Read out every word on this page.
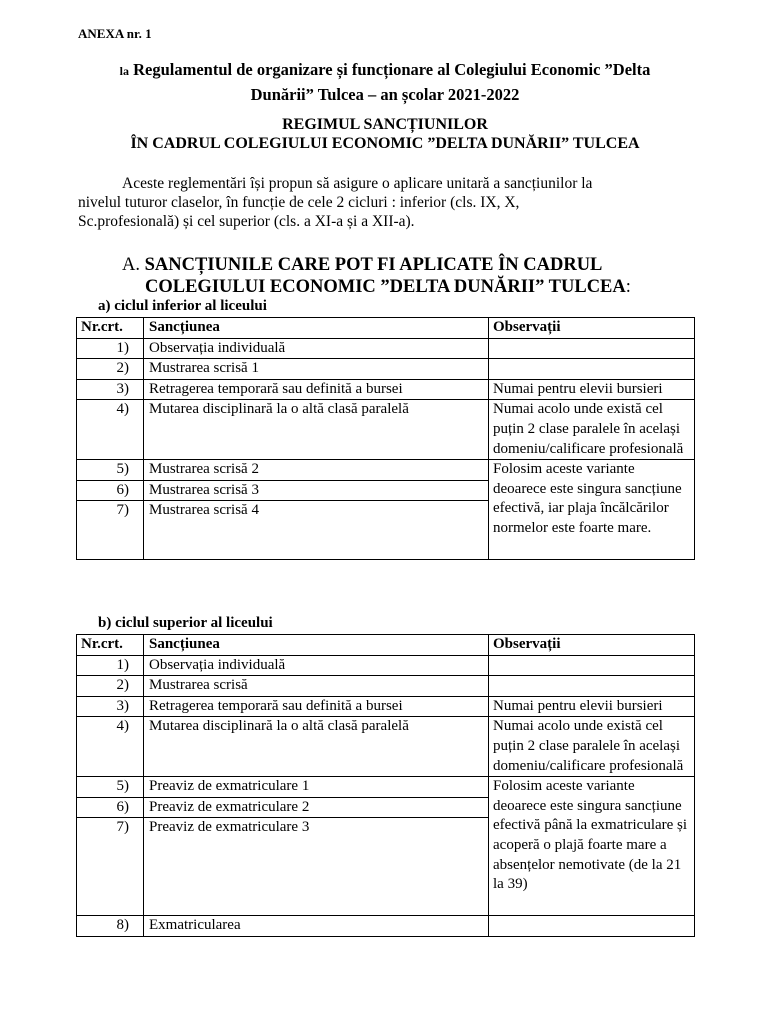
ANEXA nr. 1
la Regulamentul de organizare și funcționare al Colegiului Economic ”Delta
Dunării” Tulcea – an școlar 2021-2022
REGIMUL SANCȚIUNILOR
ÎN CADRUL COLEGIULUI ECONOMIC ”DELTA DUNĂRII” TULCEA
Aceste reglementări își propun să asigure o aplicare unitară a sancțiunilor la
nivelul tuturor claselor, în funcție de cele 2 cicluri : inferior (cls. IX, X,
Sc.profesională) și cel superior (cls. a XI-a și a XII-a).
A. SANCȚIUNILE CARE POT FI APLICATE ÎN CADRUL
COLEGIULUI ECONOMIC ”DELTA DUNĂRII” TULCEA:
a) ciclul inferior al liceului
Nr.crt.	Sancțiunea	Observații
1)	Observația individuală	
2)	Mustrarea scrisă 1	
3)	Retragerea temporară sau definită a bursei	Numai pentru elevii bursieri
4)	Mutarea disciplinară la o altă clasă paralelă	Numai acolo unde există cel puțin 2 clase paralele în același domeniu/calificare profesională

5)	Mustrarea scrisă 2	Folosim aceste variante deoarece este singura sancțiune efectivă, iar plaja încălcărilor normelor este foarte mare.
6)	Mustrarea scrisă 3	
7)	Mustrarea scrisă 4	
b) ciclul superior al liceului
Nr.crt.	Sancțiunea	Observații
1)	Observația individuală	
2)	Mustrarea scrisă	
3)	Retragerea temporară sau definită a bursei	Numai pentru elevii bursieri
4)	Mutarea disciplinară la o altă clasă paralelă	Numai acolo unde există cel puțin 2 clase paralele în același domeniu/calificare profesională
5)	Preaviz de exmatriculare 1	Folosim aceste variante deoarece este singura sancțiune efectivă până la exmatriculare și acoperă o plajă foarte mare a absențelor nemotivate (de la 21 la 39)
6)	Preaviz de exmatriculare 2	
7)	Preaviz de exmatriculare 3	
8)	Exmatricularea	
